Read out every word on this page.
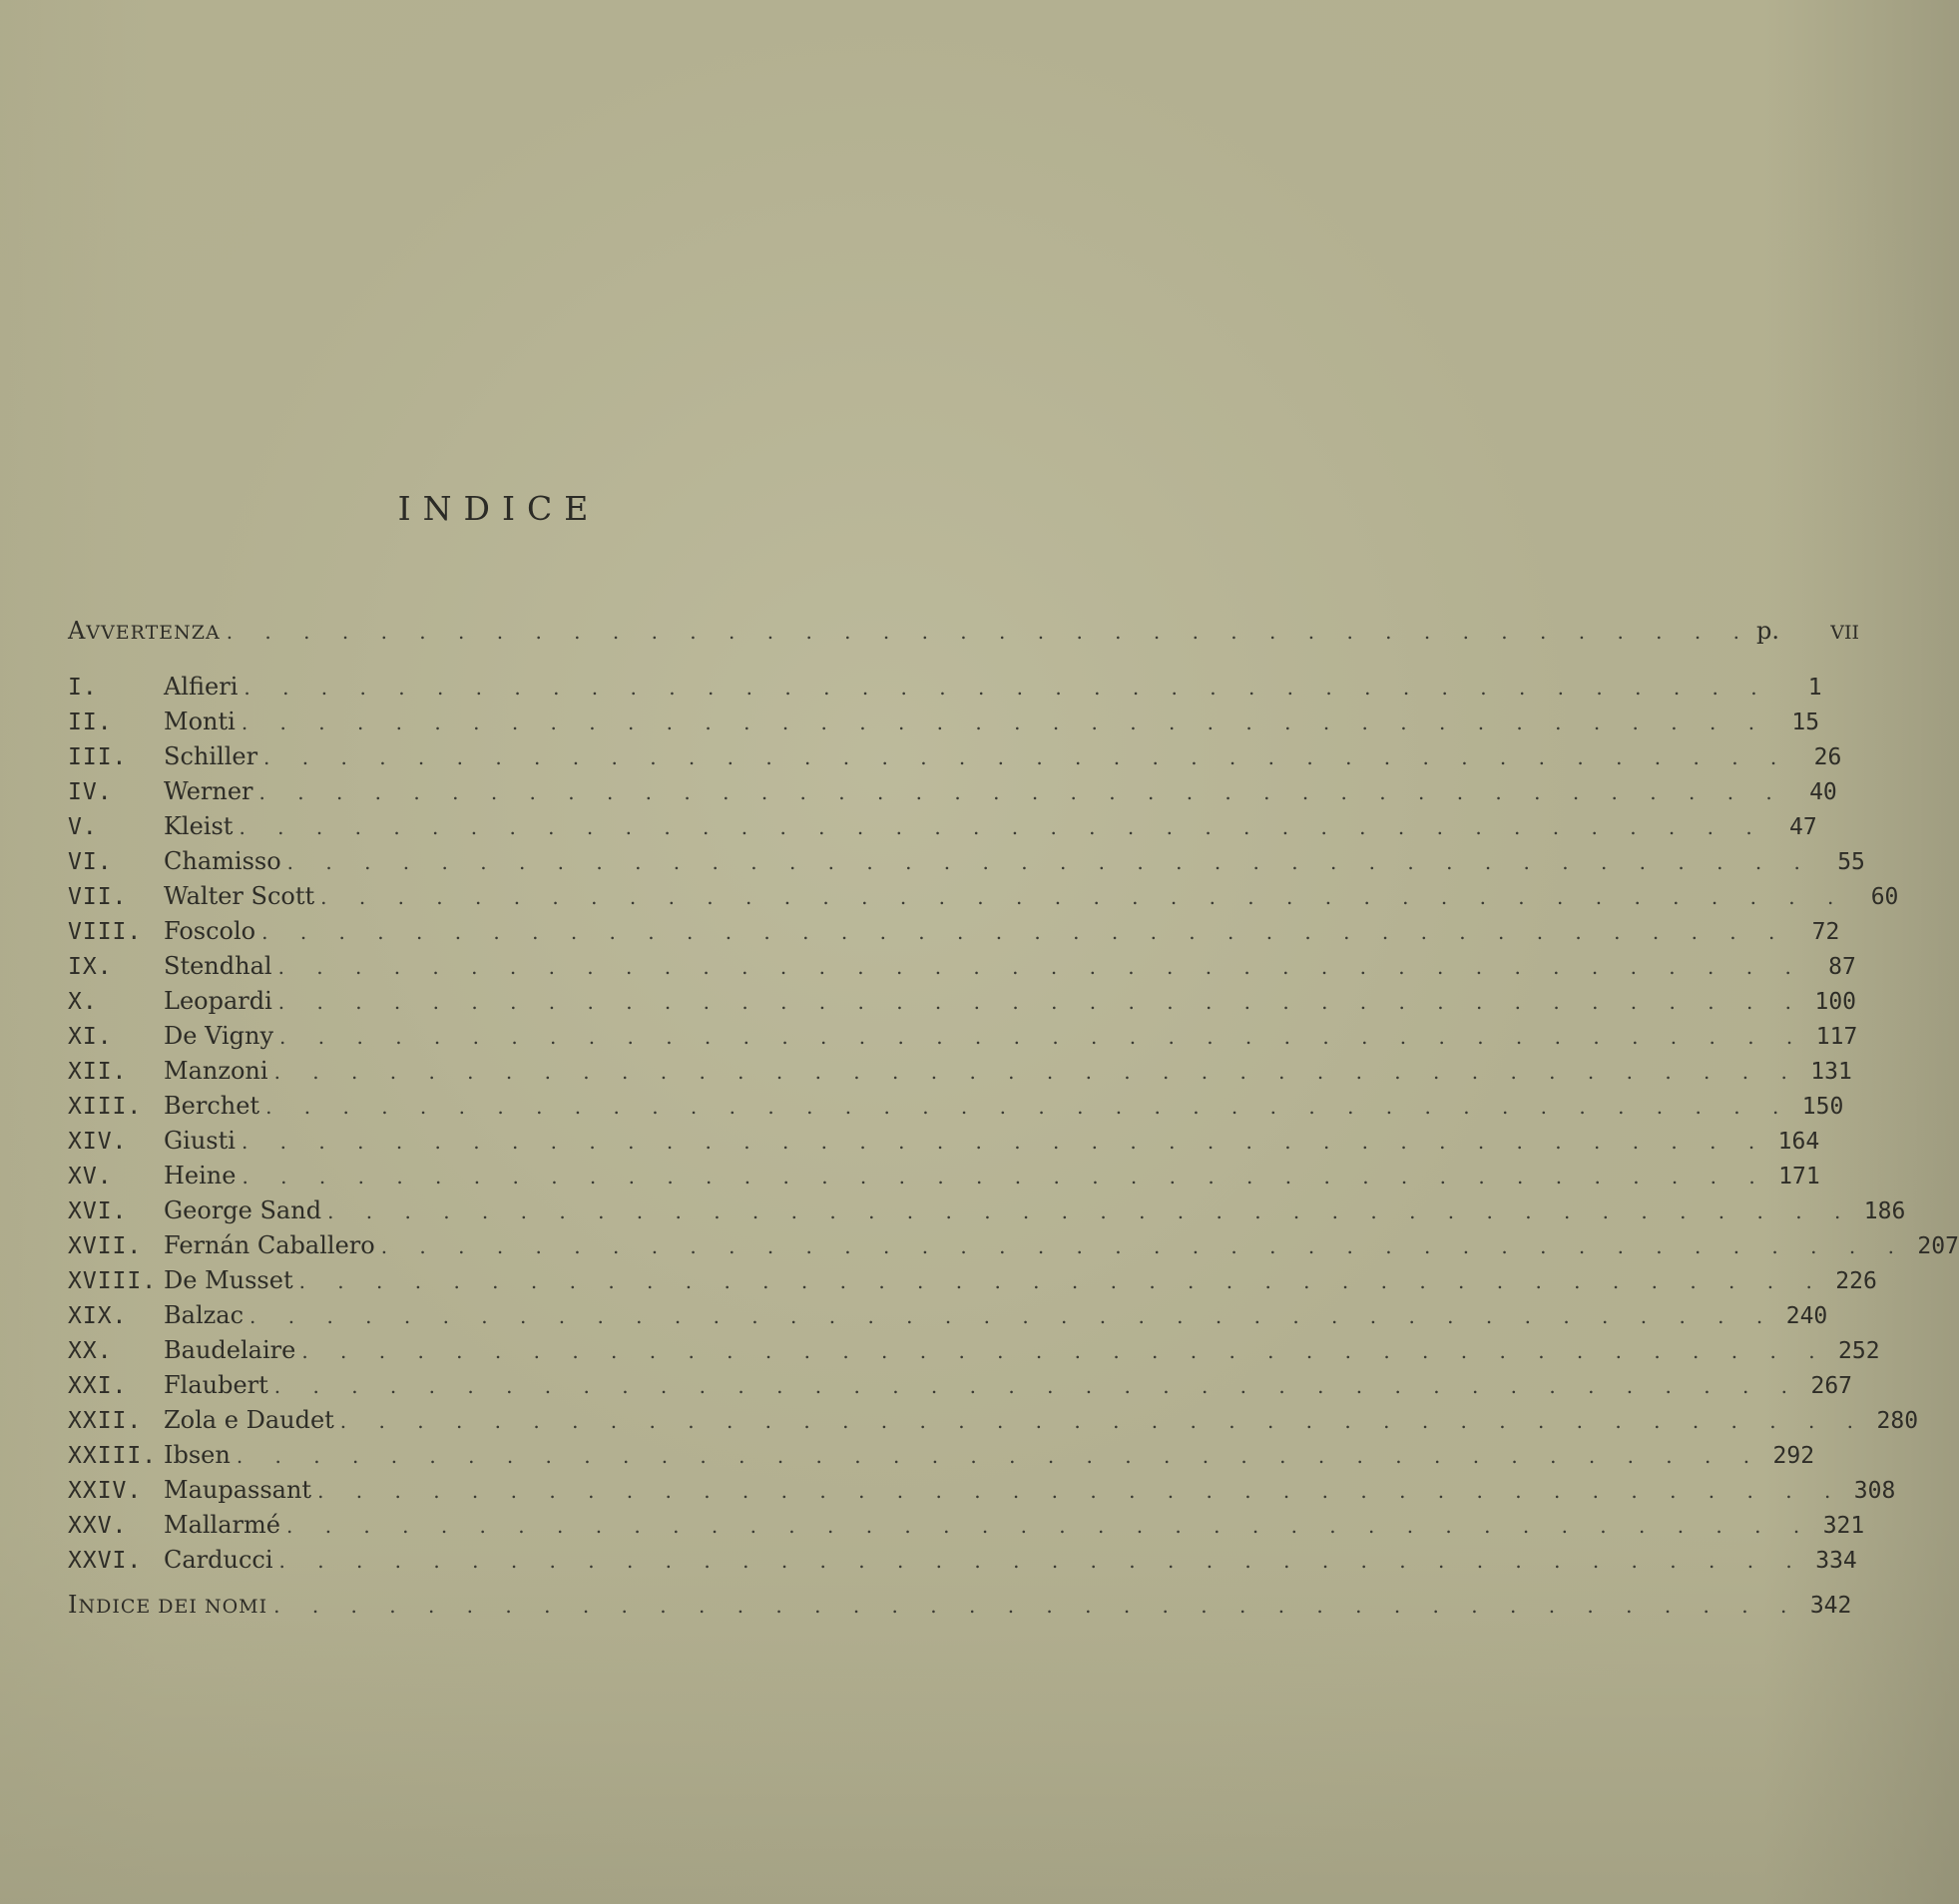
INDICE
AVVERTENZA . . . . . . . . . . . . . . . . . . . . . . . . . . . . . . . . . . . . . . . . p.	VII
I.	Alfieri . . . . . . . . . . . . . . . . . . . . . . . . . . . . . . . . . . . . . . . .	1
II.	Monti . . . . . . . . . . . . . . . . . . . . . . . . . . . . . . . . . . . . . . . .	15
III.	Schiller . . . . . . . . . . . . . . . . . . . . . . . . . . . . . . . . . . . . . . . .	26
IV.	Werner . . . . . . . . . . . . . . . . . . . . . . . . . . . . . . . . . . . . . . . .	40
V.	Kleist . . . . . . . . . . . . . . . . . . . . . . . . . . . . . . . . . . . . . . . .	47
VI.	Chamisso . . . . . . . . . . . . . . . . . . . . . . . . . . . . . . . . . . . . . . . .	55
VII.	Walter Scott . . . . . . . . . . . . . . . . . . . . . . . . . . . . . . . . . . . . . . . .	60
VIII. Foscolo . . . . . . . . . . . . . . . . . . . . . . . . . . . . . . . . . . . . . . . .	72
IX.	Stendhal . . . . . . . . . . . . . . . . . . . . . . . . . . . . . . . . . . . . . . . .	87
X.	Leopardi . . . . . . . . . . . . . . . . . . . . . . . . . . . . . . . . . . . . . . . . 100
XI.	De Vigny . . . . . . . . . . . . . . . . . . . . . . . . . . . . . . . . . . . . . . . . 117
XII.	Manzoni . . . . . . . . . . . . . . . . . . . . . . . . . . . . . . . . . . . . . . . . 131
XIII. Berchet . . . . . . . . . . . . . . . . . . . . . . . . . . . . . . . . . . . . . . . . 150
XIV.	Giusti . . . . . . . . . . . . . . . . . . . . . . . . . . . . . . . . . . . . . . . . 164
XV.	Heine . . . . . . . . . . . . . . . . . . . . . . . . . . . . . . . . . . . . . . . . 171
XVI.	George Sand . . . . . . . . . . . . . . . . . . . . . . . . . . . . . . . . . . . . . . . . 186
XVII. Fernán Caballero . . . . . . . . . . . . . . . . . . . . . . . . . . . . . . . . . . . . . . . . 207
XVIII. De Musset . . . . . . . . . . . . . . . . . . . . . . . . . . . . . . . . . . . . . . . . 226
XIX.	Balzac . . . . . . . . . . . . . . . . . . . . . . . . . . . . . . . . . . . . . . . . 240
XX.	Baudelaire . . . . . . . . . . . . . . . . . . . . . . . . . . . . . . . . . . . . . . . . 252
XXI.	Flaubert . . . . . . . . . . . . . . . . . . . . . . . . . . . . . . . . . . . . . . . . 267
XXII. Zola e Daudet . . . . . . . . . . . . . . . . . . . . . . . . . . . . . . . . . . . . . . . . 280
XXIII. Ibsen . . . . . . . . . . . . . . . . . . . . . . . . . . . . . . . . . . . . . . . . 292
XXIV. Maupassant . . . . . . . . . . . . . . . . . . . . . . . . . . . . . . . . . . . . . . . . 308
XXV.	Mallarmé . . . . . . . . . . . . . . . . . . . . . . . . . . . . . . . . . . . . . . . . 321
XXVI. Carducci . . . . . . . . . . . . . . . . . . . . . . . . . . . . . . . . . . . . . . . . 334
INDICE DEI NOMI . . . . . . . . . . . . . . . . . . . . . . . . . . . . . . . . . . . . . . . . 342
